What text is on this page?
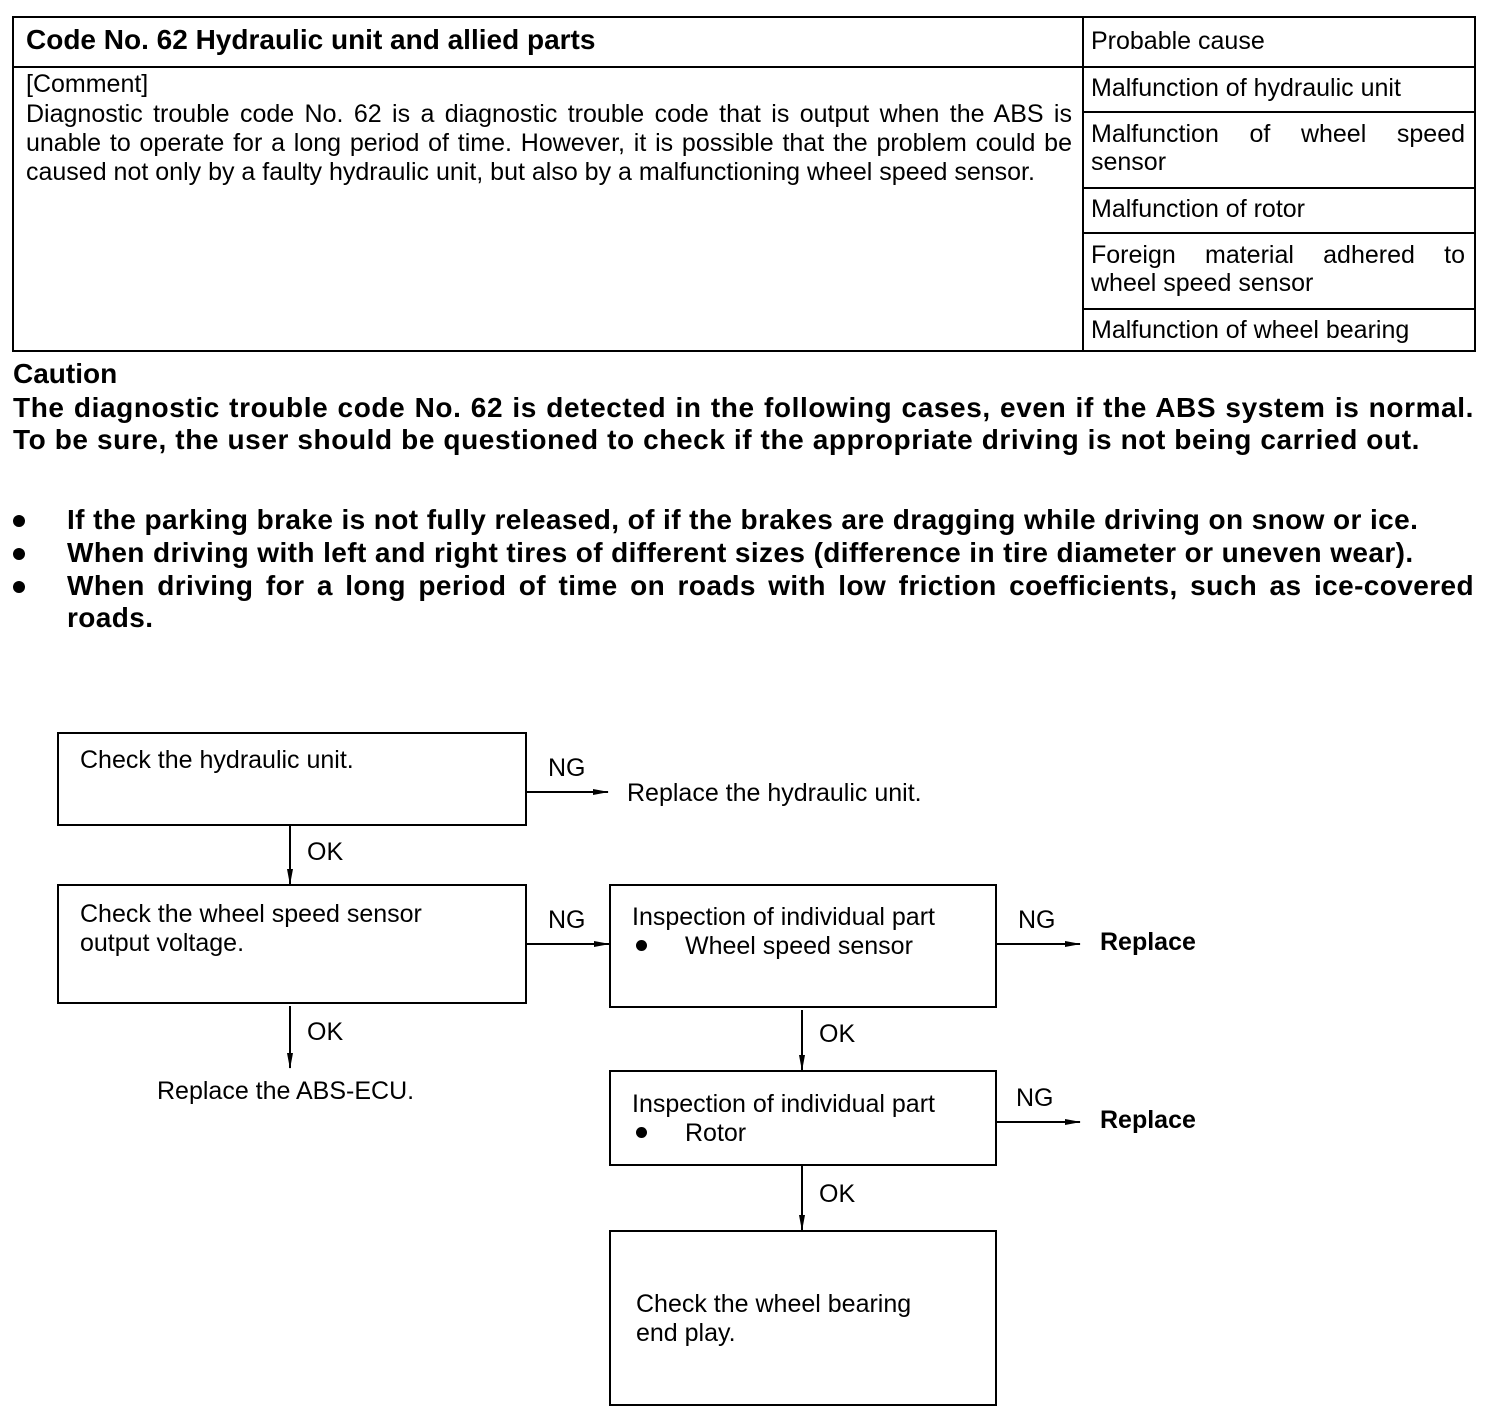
Code No. 62 Hydraulic unit and allied parts	Probable cause
[Comment]
Diagnostic trouble code No. 62 is a diagnostic trouble code that is output when the ABS is unable to operate for a long period of time. However, it is possible that the problem could be caused not only by a faulty hydraulic unit, but also by a malfunctioning wheel speed sensor.
Malfunction of hydraulic unit
Malfunction of wheel speed sensor
Malfunction of rotor
Foreign material adhered to wheel speed sensor
Malfunction of wheel bearing
Caution
The diagnostic trouble code No. 62 is detected in the following cases, even if the ABS system is normal. To be sure, the user should be questioned to check if the appropriate driving is not being carried out.
If the parking brake is not fully released, of if the brakes are dragging while driving on snow or ice.
When driving with left and right tires of different sizes (difference in tire diameter or uneven wear).
When driving for a long period of time on roads with low friction coefficients, such as ice-covered roads.
Check the hydraulic unit.	NG
Replace the hydraulic unit.
OK
Check the wheel speed sensor
output voltage.
NG
OK
Replace the ABS-ECU.
Inspection of individual part
Wheel speed sensor
NG
Replace
OK
Inspection of individual part
Rotor
NG
Replace
OK
Check the wheel bearing
end play.
